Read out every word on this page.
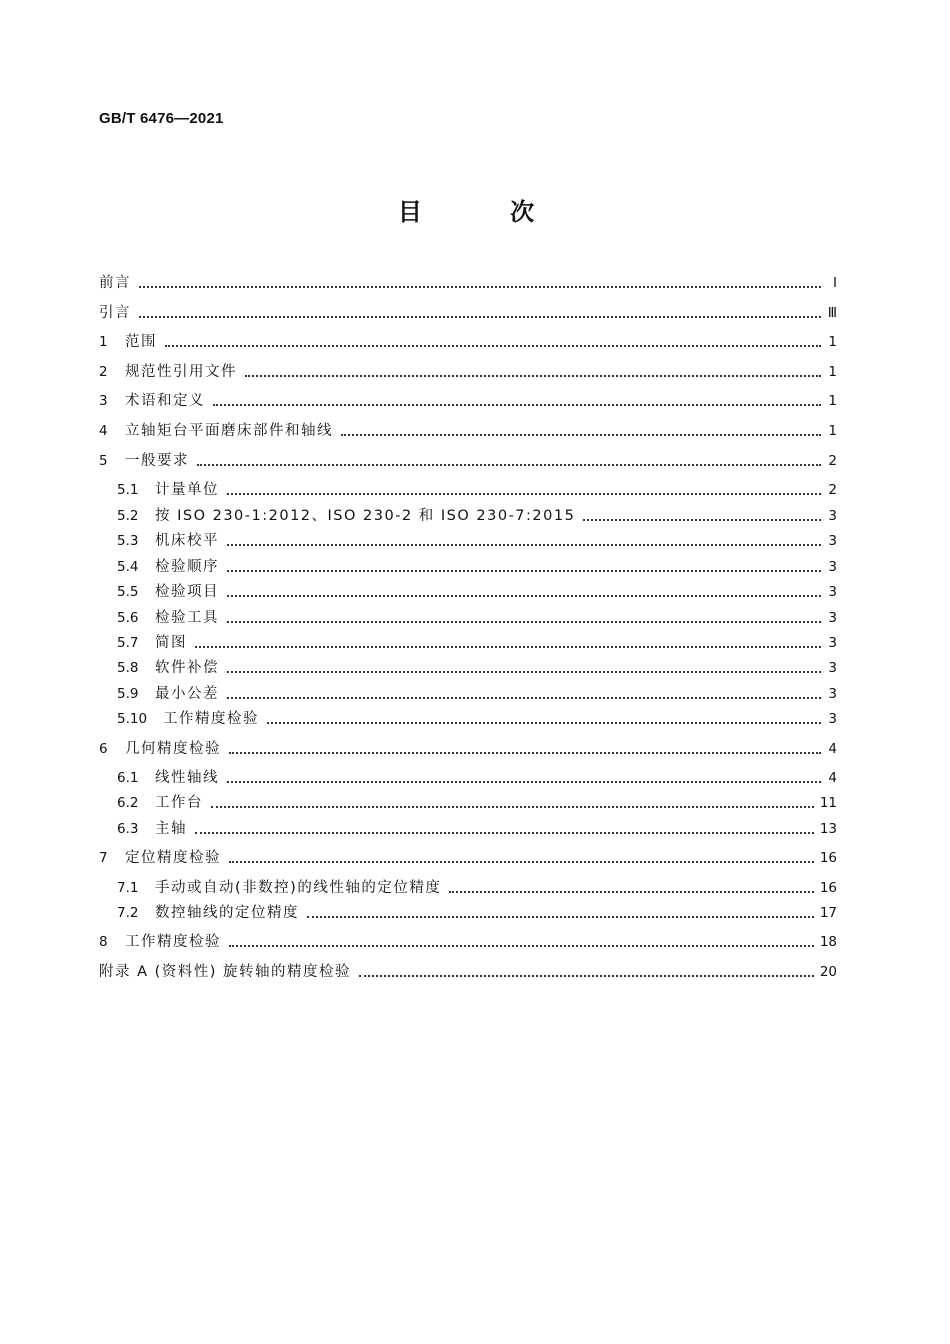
GB/T 6476—2021
目 次
前言	Ⅰ
引言	Ⅲ
1	范围	1
2	规范性引用文件	1
3	术语和定义	1
4	立轴矩台平面磨床部件和轴线	1
5	一般要求	2
5.1	计量单位	2
5.2	按 ISO 230-1:2012、ISO 230-2 和 ISO 230-7:2015	3
5.3	机床校平	3
5.4	检验顺序	3
5.5	检验项目	3
5.6	检验工具	3
5.7	简图	3
5.8	软件补偿	3
5.9	最小公差	3
5.10	工作精度检验	3
6	几何精度检验	4
6.1	线性轴线	4
6.2	工作台	11
6.3	主轴	13
7	定位精度检验	16
7.1	手动或自动(非数控)的线性轴的定位精度	16
7.2	数控轴线的定位精度	17
8	工作精度检验	18
附录 A (资料性) 旋转轴的精度检验	20
